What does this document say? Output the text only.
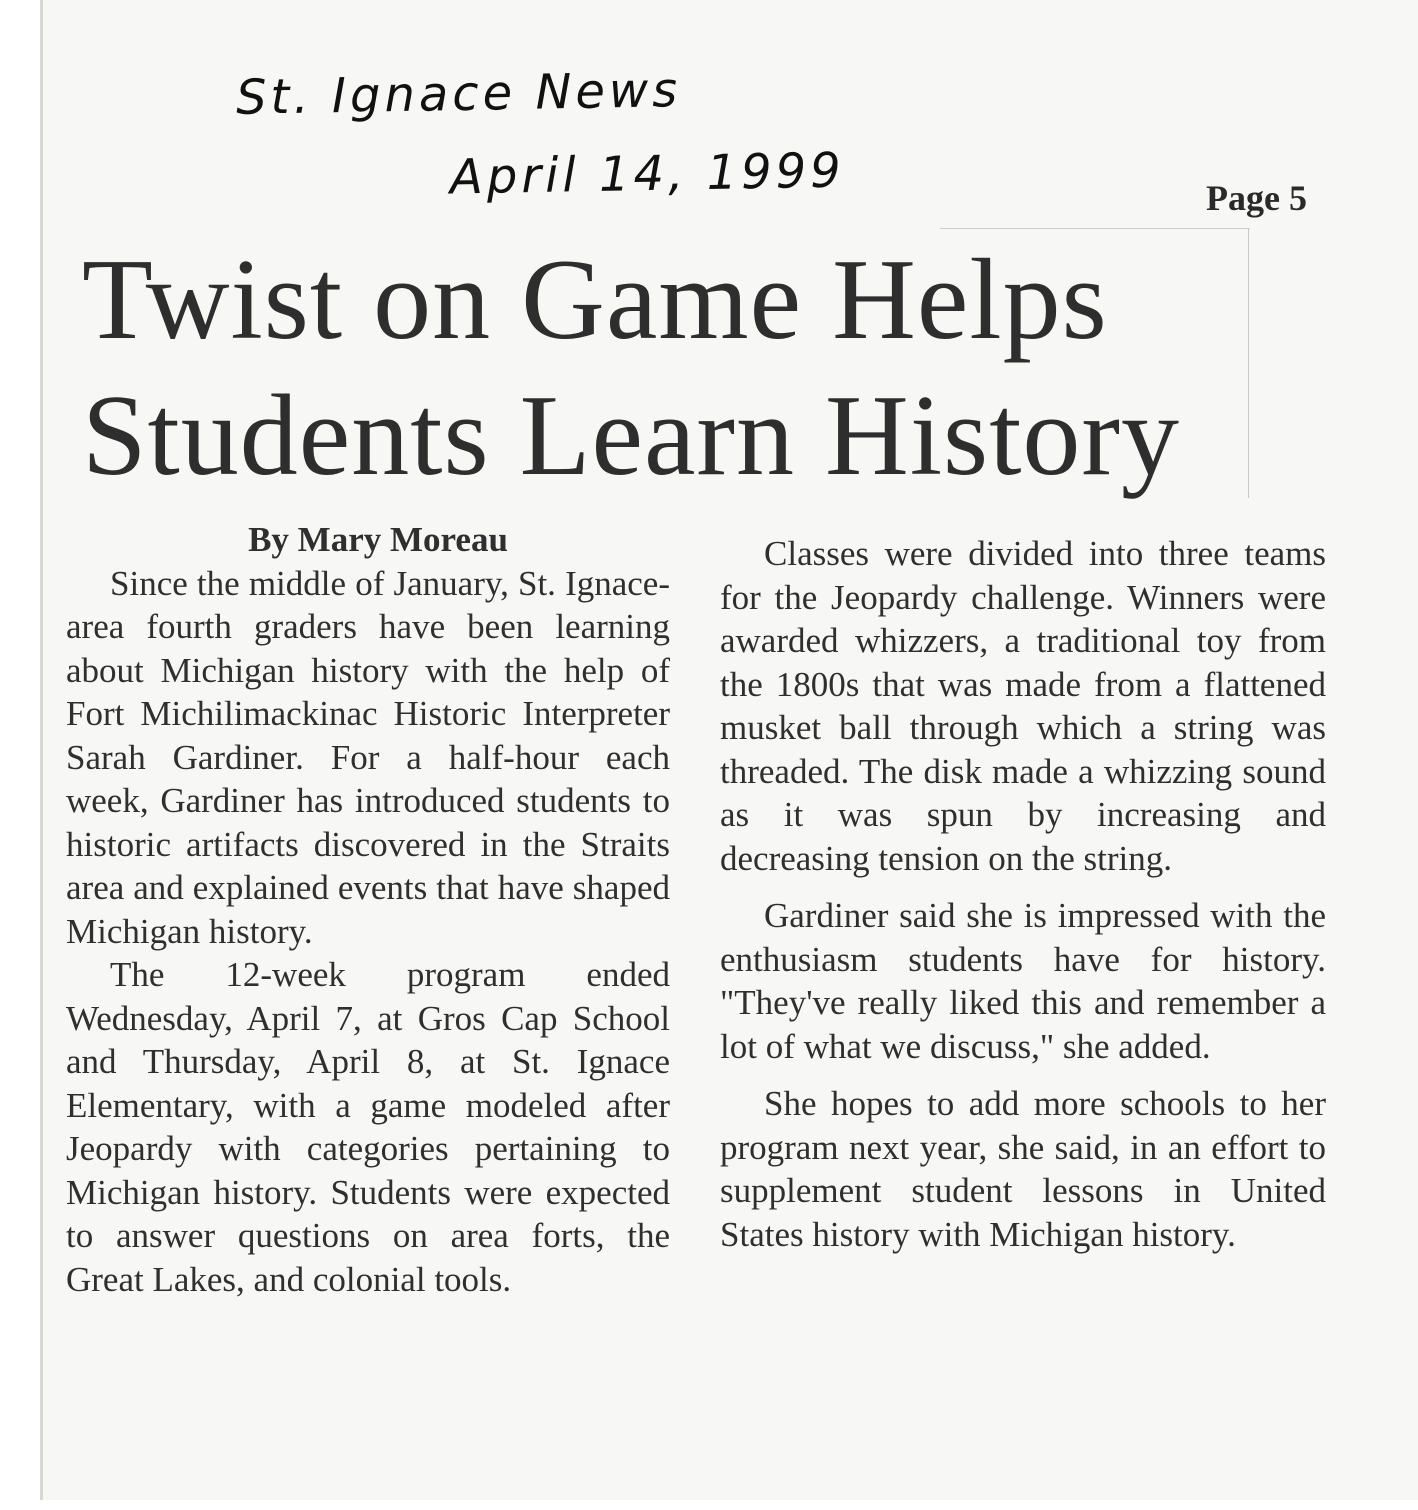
St. Ignace News
April 14, 1999	Page 5
Twist on Game Helps
Students Learn History

By Mary Moreau

Since the middle of January, St. Ignace-area fourth graders have been learning about Michigan history with the help of Fort Michilimackinac Historic Interpreter Sarah Gardiner. For a half-hour each week, Gardiner has introduced students to historic artifacts discovered in the Straits area and explained events that have shaped Michigan history.

The 12-week program ended Wednesday, April 7, at Gros Cap School and Thursday, April 8, at St. Ignace Elementary, with a game modeled after Jeopardy with categories pertaining to Michigan history. Students were expected to answer questions on area forts, the Great Lakes, and colonial tools.

Classes were divided into three teams for the Jeopardy challenge. Winners were awarded whizzers, a traditional toy from the 1800s that was made from a flattened musket ball through which a string was threaded. The disk made a whizzing sound as it was spun by increasing and decreasing tension on the string.

Gardiner said she is impressed with the enthusiasm students have for history. "They've really liked this and remember a lot of what we discuss," she added.

She hopes to add more schools to her program next year, she said, in an effort to supplement student lessons in United States history with Michigan history.
